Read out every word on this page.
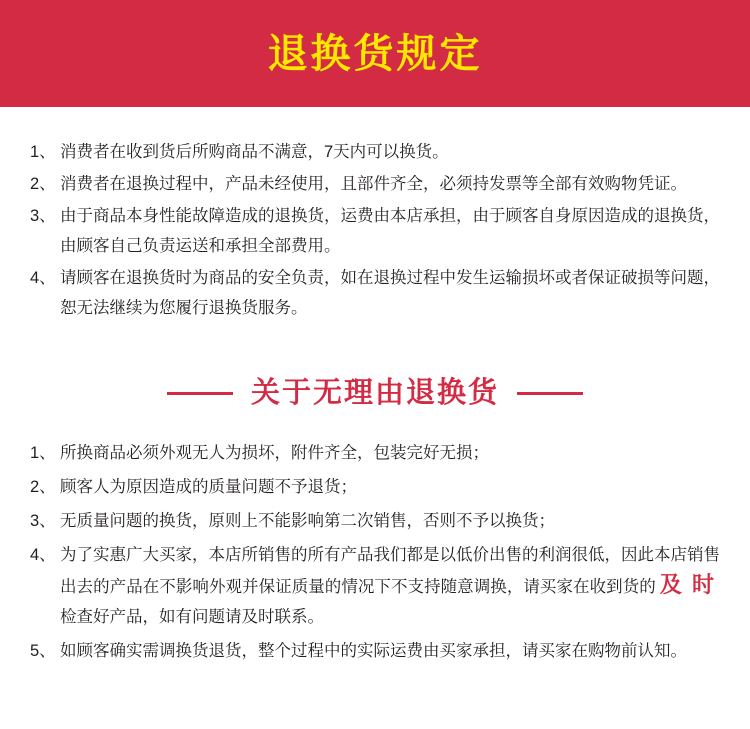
退换货规定
1、 消费者在收到货后所购商品不满意，7天内可以换货。
2、 消费者在退换过程中，产品未经使用，且部件齐全，必须持发票等全部有效购物凭证。
3、 由于商品本身性能故障造成的退换货，运费由本店承担，由于顾客自身原因造成的退换货，由顾客自己负责运送和承担全部费用。
4、 请顾客在退换货时为商品的安全负责，如在退换过程中发生运输损坏或者保证破损等问题，恕无法继续为您履行退换货服务。
关于无理由退换货
1、 所换商品必须外观无人为损坏，附件齐全，包装完好无损；
2、 顾客人为原因造成的质量问题不予退货；
3、 无质量问题的换货，原则上不能影响第二次销售，否则不予以换货；
4、 为了实惠广大买家，本店所销售的所有产品我们都是以低价出售的利润很低，因此本店销售出去的产品在不影响外观并保证质量的情况下不支持随意调换，请买家在收到货的 及 时检查好产品，如有问题请及时联系。
5、 如顾客确实需调换货退货，整个过程中的实际运费由买家承担，请买家在购物前认知。
